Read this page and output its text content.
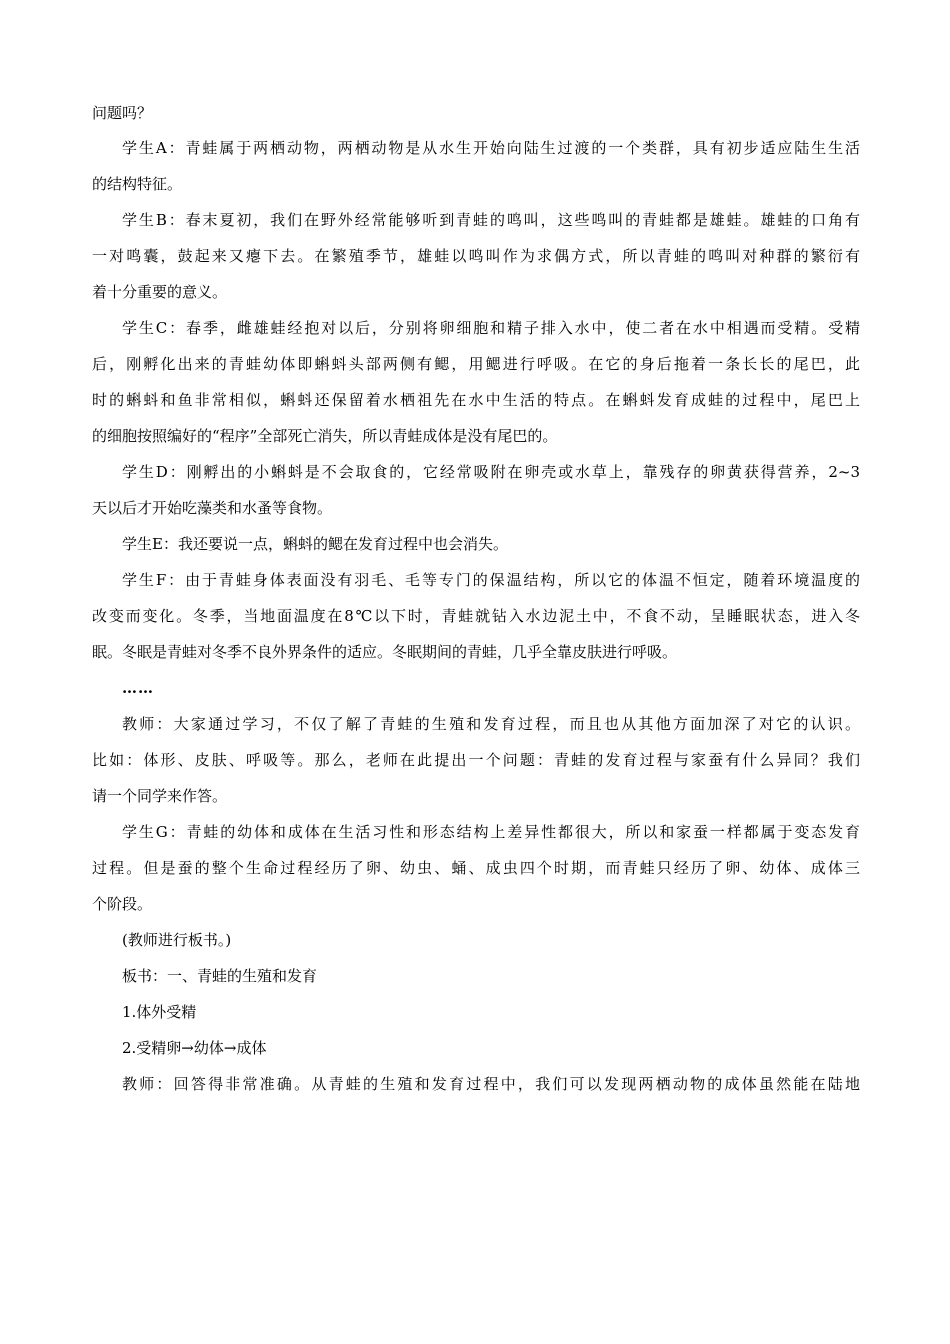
问题吗？
学生A：青蛙属于两栖动物，两栖动物是从水生开始向陆生过渡的一个类群，具有初步适应陆生生活
的结构特征。
学生B：春末夏初，我们在野外经常能够听到青蛙的鸣叫，这些鸣叫的青蛙都是雄蛙。雄蛙的口角有
一对鸣囊，鼓起来又瘪下去。在繁殖季节，雄蛙以鸣叫作为求偶方式，所以青蛙的鸣叫对种群的繁衍有
着十分重要的意义。
学生C：春季，雌雄蛙经抱对以后，分别将卵细胞和精子排入水中，使二者在水中相遇而受精。受精
后，刚孵化出来的青蛙幼体即蝌蚪头部两侧有鳃，用鳃进行呼吸。在它的身后拖着一条长长的尾巴，此
时的蝌蚪和鱼非常相似，蝌蚪还保留着水栖祖先在水中生活的特点。在蝌蚪发育成蛙的过程中，尾巴上
的细胞按照编好的“程序”全部死亡消失，所以青蛙成体是没有尾巴的。
学生D：刚孵出的小蝌蚪是不会取食的，它经常吸附在卵壳或水草上，靠残存的卵黄获得营养，2~3
天以后才开始吃藻类和水蚤等食物。
学生E：我还要说一点，蝌蚪的鳃在发育过程中也会消失。
学生F：由于青蛙身体表面没有羽毛、毛等专门的保温结构，所以它的体温不恒定，随着环境温度的
改变而变化。冬季，当地面温度在8℃以下时，青蛙就钻入水边泥土中，不食不动，呈睡眠状态，进入冬
眠。冬眠是青蛙对冬季不良外界条件的适应。冬眠期间的青蛙，几乎全靠皮肤进行呼吸。
……
教师：大家通过学习，不仅了解了青蛙的生殖和发育过程，而且也从其他方面加深了对它的认识。
比如：体形、皮肤、呼吸等。那么，老师在此提出一个问题：青蛙的发育过程与家蚕有什么异同？我们
请一个同学来作答。
学生G：青蛙的幼体和成体在生活习性和形态结构上差异性都很大，所以和家蚕一样都属于变态发育
过程。但是蚕的整个生命过程经历了卵、幼虫、蛹、成虫四个时期，而青蛙只经历了卵、幼体、成体三
个阶段。
(教师进行板书。)
板书：一、青蛙的生殖和发育
1.体外受精
2.受精卵→幼体→成体
教师：回答得非常准确。从青蛙的生殖和发育过程中，我们可以发现两栖动物的成体虽然能在陆地
